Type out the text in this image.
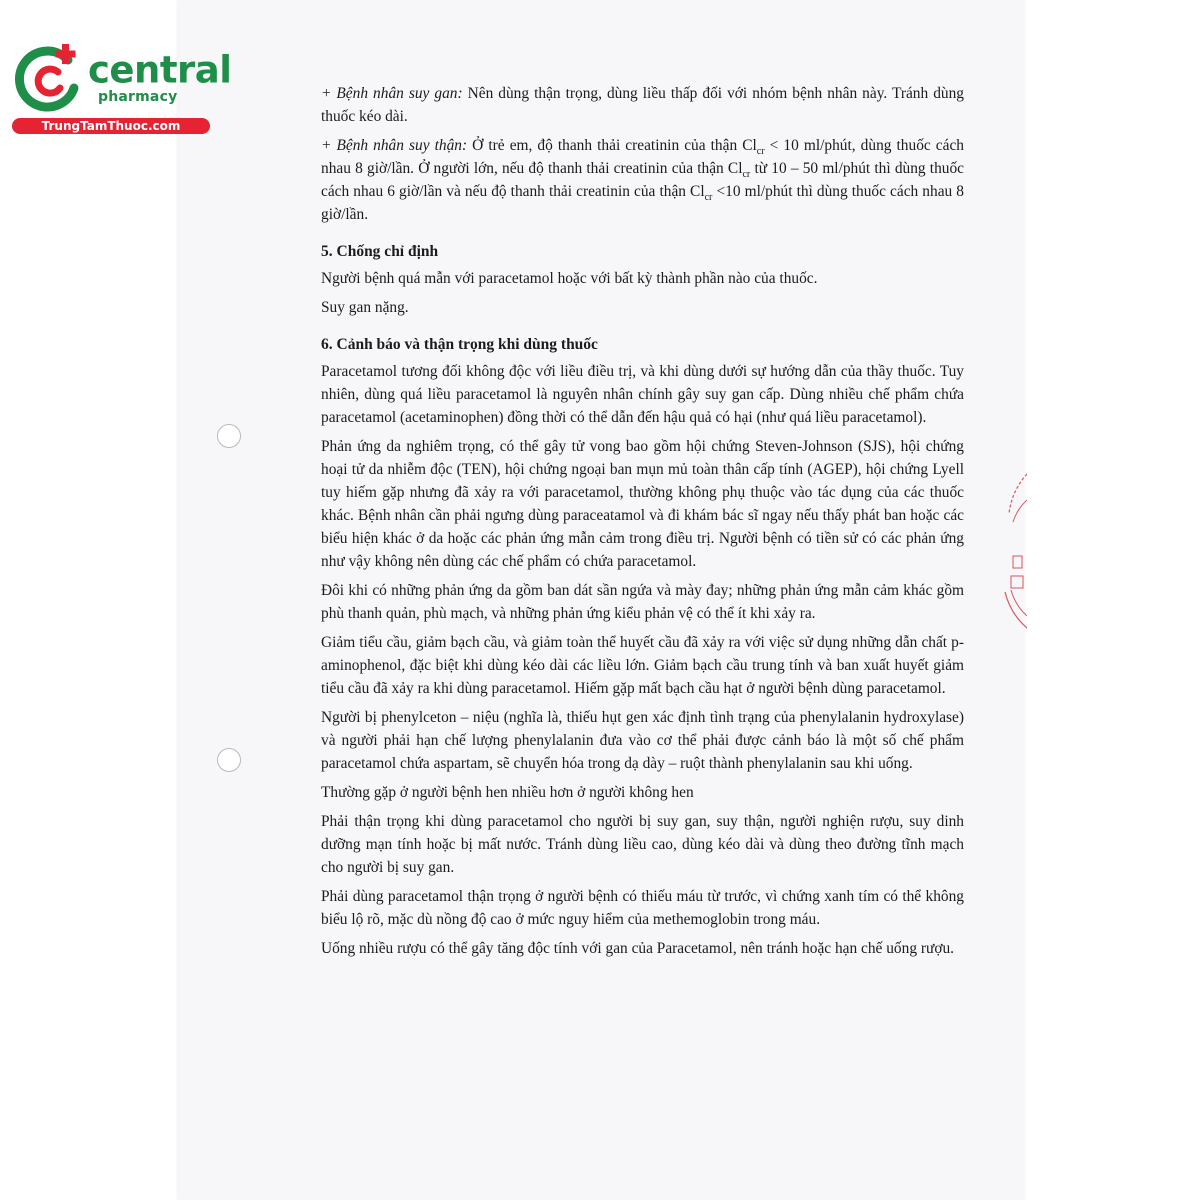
central
pharmacy
TrungTamThuoc.com

+ Bệnh nhân suy gan: Nên dùng thận trọng, dùng liều thấp đối với nhóm bệnh nhân này. Tránh dùng thuốc kéo dài.

+ Bệnh nhân suy thận: Ở trẻ em, độ thanh thải creatinin của thận $Cl_{cr} < 10$ ml/phút, dùng thuốc cách nhau 8 giờ/lần. Ở người lớn, nếu độ thanh thải creatinin của thận $Cl_{cr}$ từ 10 – 50 ml/phút thì dùng thuốc cách nhau 6 giờ/lần và nếu độ thanh thải creatinin của thận $Cl_{cr} <10$ ml/phút thì dùng thuốc cách nhau 8 giờ/lần.

5. Chống chỉ định

Người bệnh quá mẫn với paracetamol hoặc với bất kỳ thành phần nào của thuốc.

Suy gan nặng.

6. Cảnh báo và thận trọng khi dùng thuốc

Paracetamol tương đối không độc với liều điều trị, và khi dùng dưới sự hướng dẫn của thầy thuốc. Tuy nhiên, dùng quá liều paracetamol là nguyên nhân chính gây suy gan cấp. Dùng nhiều chế phẩm chứa paracetamol (acetaminophen) đồng thời có thể dẫn đến hậu quả có hại (như quá liều paracetamol).

Phản ứng da nghiêm trọng, có thể gây tử vong bao gồm hội chứng Steven-Johnson (SJS), hội chứng hoại tử da nhiễm độc (TEN), hội chứng ngoại ban mụn mủ toàn thân cấp tính (AGEP), hội chứng Lyell tuy hiếm gặp nhưng đã xảy ra với paracetamol, thường không phụ thuộc vào tác dụng của các thuốc khác. Bệnh nhân cần phải ngưng dùng paraceatamol và đi khám bác sĩ ngay nếu thấy phát ban hoặc các biểu hiện khác ở da hoặc các phản ứng mẫn cảm trong điều trị. Người bệnh có tiền sử có các phản ứng như vậy không nên dùng các chế phẩm có chứa paracetamol.

Đôi khi có những phản ứng da gồm ban dát sần ngứa và mày đay; những phản ứng mẫn cảm khác gồm phù thanh quản, phù mạch, và những phản ứng kiểu phản vệ có thể ít khi xảy ra.

Giảm tiểu cầu, giảm bạch cầu, và giảm toàn thể huyết cầu đã xảy ra với việc sử dụng những dẫn chất p-aminophenol, đặc biệt khi dùng kéo dài các liều lớn. Giảm bạch cầu trung tính và ban xuất huyết giảm tiểu cầu đã xảy ra khi dùng paracetamol. Hiếm gặp mất bạch cầu hạt ở người bệnh dùng paracetamol.

Người bị phenylceton – niệu (nghĩa là, thiếu hụt gen xác định tình trạng của phenylalanin hydroxylase) và người phải hạn chế lượng phenylalanin đưa vào cơ thể phải được cảnh báo là một số chế phẩm paracetamol chứa aspartam, sẽ chuyển hóa trong dạ dày – ruột thành phenylalanin sau khi uống.

Thường gặp ở người bệnh hen nhiều hơn ở người không hen

Phải thận trọng khi dùng paracetamol cho người bị suy gan, suy thận, người nghiện rượu, suy dinh dưỡng mạn tính hoặc bị mất nước. Tránh dùng liều cao, dùng kéo dài và dùng theo đường tĩnh mạch cho người bị suy gan.

Phải dùng paracetamol thận trọng ở người bệnh có thiếu máu từ trước, vì chứng xanh tím có thể không biểu lộ rõ, mặc dù nồng độ cao ở mức nguy hiểm của methemoglobin trong máu.

Uống nhiều rượu có thể gây tăng độc tính với gan của Paracetamol, nên tránh hoặc hạn chế uống rượu.
